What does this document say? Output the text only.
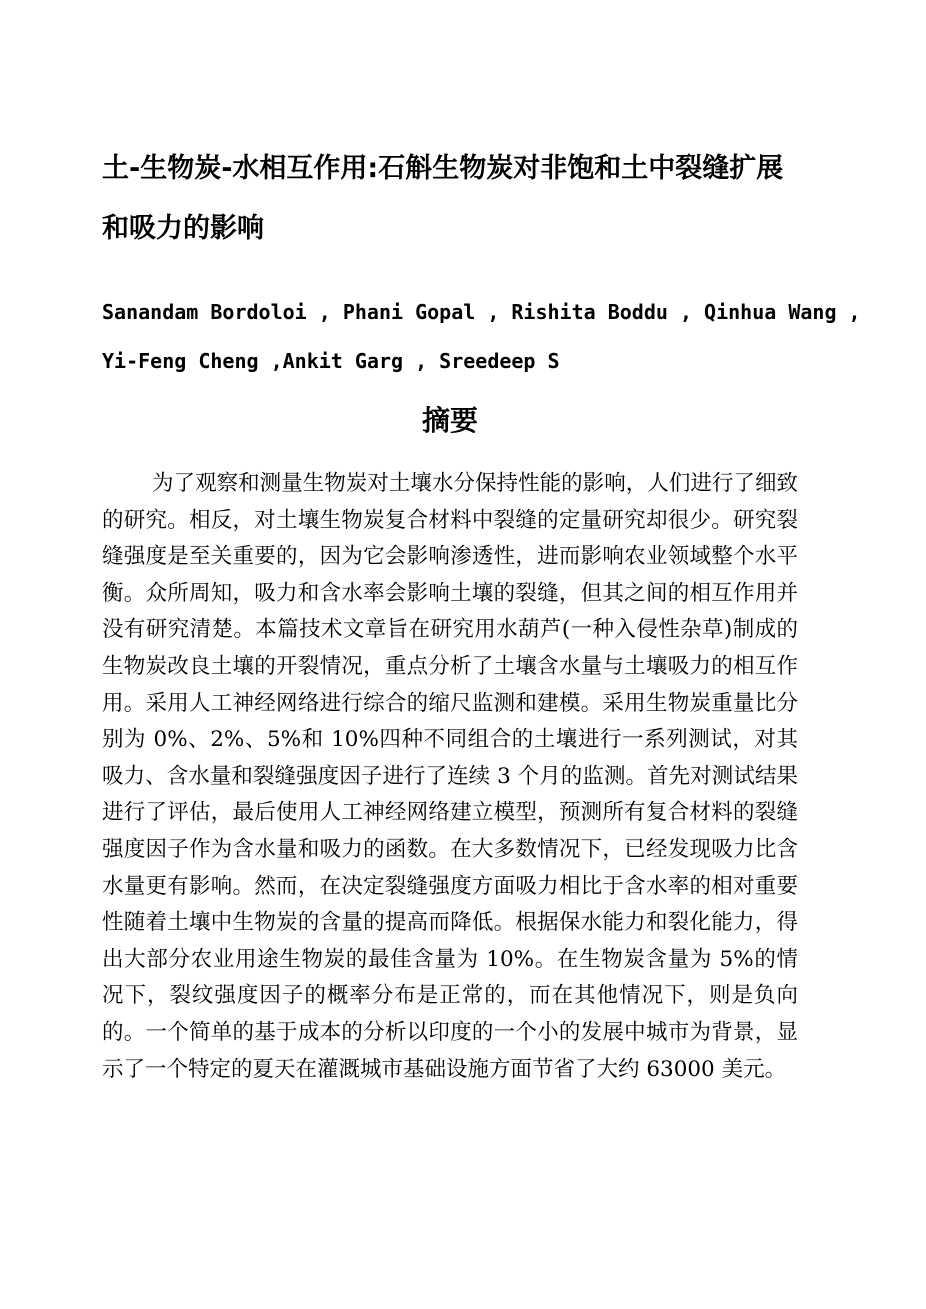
土-生物炭-水相互作用:石斛生物炭对非饱和土中裂缝扩展和吸力的影响
Sanandam Bordoloi , Phani Gopal , Rishita Boddu , Qinhua Wang ,
Yi-Feng Cheng ,Ankit Garg , Sreedeep S
摘要

为了观察和测量生物炭对土壤水分保持性能的影响，人们进行了细致的研究。相反，对土壤生物炭复合材料中裂缝的定量研究却很少。研究裂缝强度是至关重要的，因为它会影响渗透性，进而影响农业领域整个水平衡。众所周知，吸力和含水率会影响土壤的裂缝，但其之间的相互作用并没有研究清楚。本篇技术文章旨在研究用水葫芦(一种入侵性杂草)制成的生物炭改良土壤的开裂情况，重点分析了土壤含水量与土壤吸力的相互作用。采用人工神经网络进行综合的缩尺监测和建模。采用生物炭重量比分别为 0%、2%、5%和 10%四种不同组合的土壤进行一系列测试，对其吸力、含水量和裂缝强度因子进行了连续 3 个月的监测。首先对测试结果进行了评估，最后使用人工神经网络建立模型，预测所有复合材料的裂缝强度因子作为含水量和吸力的函数。在大多数情况下，已经发现吸力比含水量更有影响。然而，在决定裂缝强度方面吸力相比于含水率的相对重要性随着土壤中生物炭的含量的提高而降低。根据保水能力和裂化能力，得出大部分农业用途生物炭的最佳含量为 10%。在生物炭含量为 5%的情况下，裂纹强度因子的概率分布是正常的，而在其他情况下，则是负向的。一个简单的基于成本的分析以印度的一个小的发展中城市为背景，显示了一个特定的夏天在灌溉城市基础设施方面节省了大约 63000 美元。
